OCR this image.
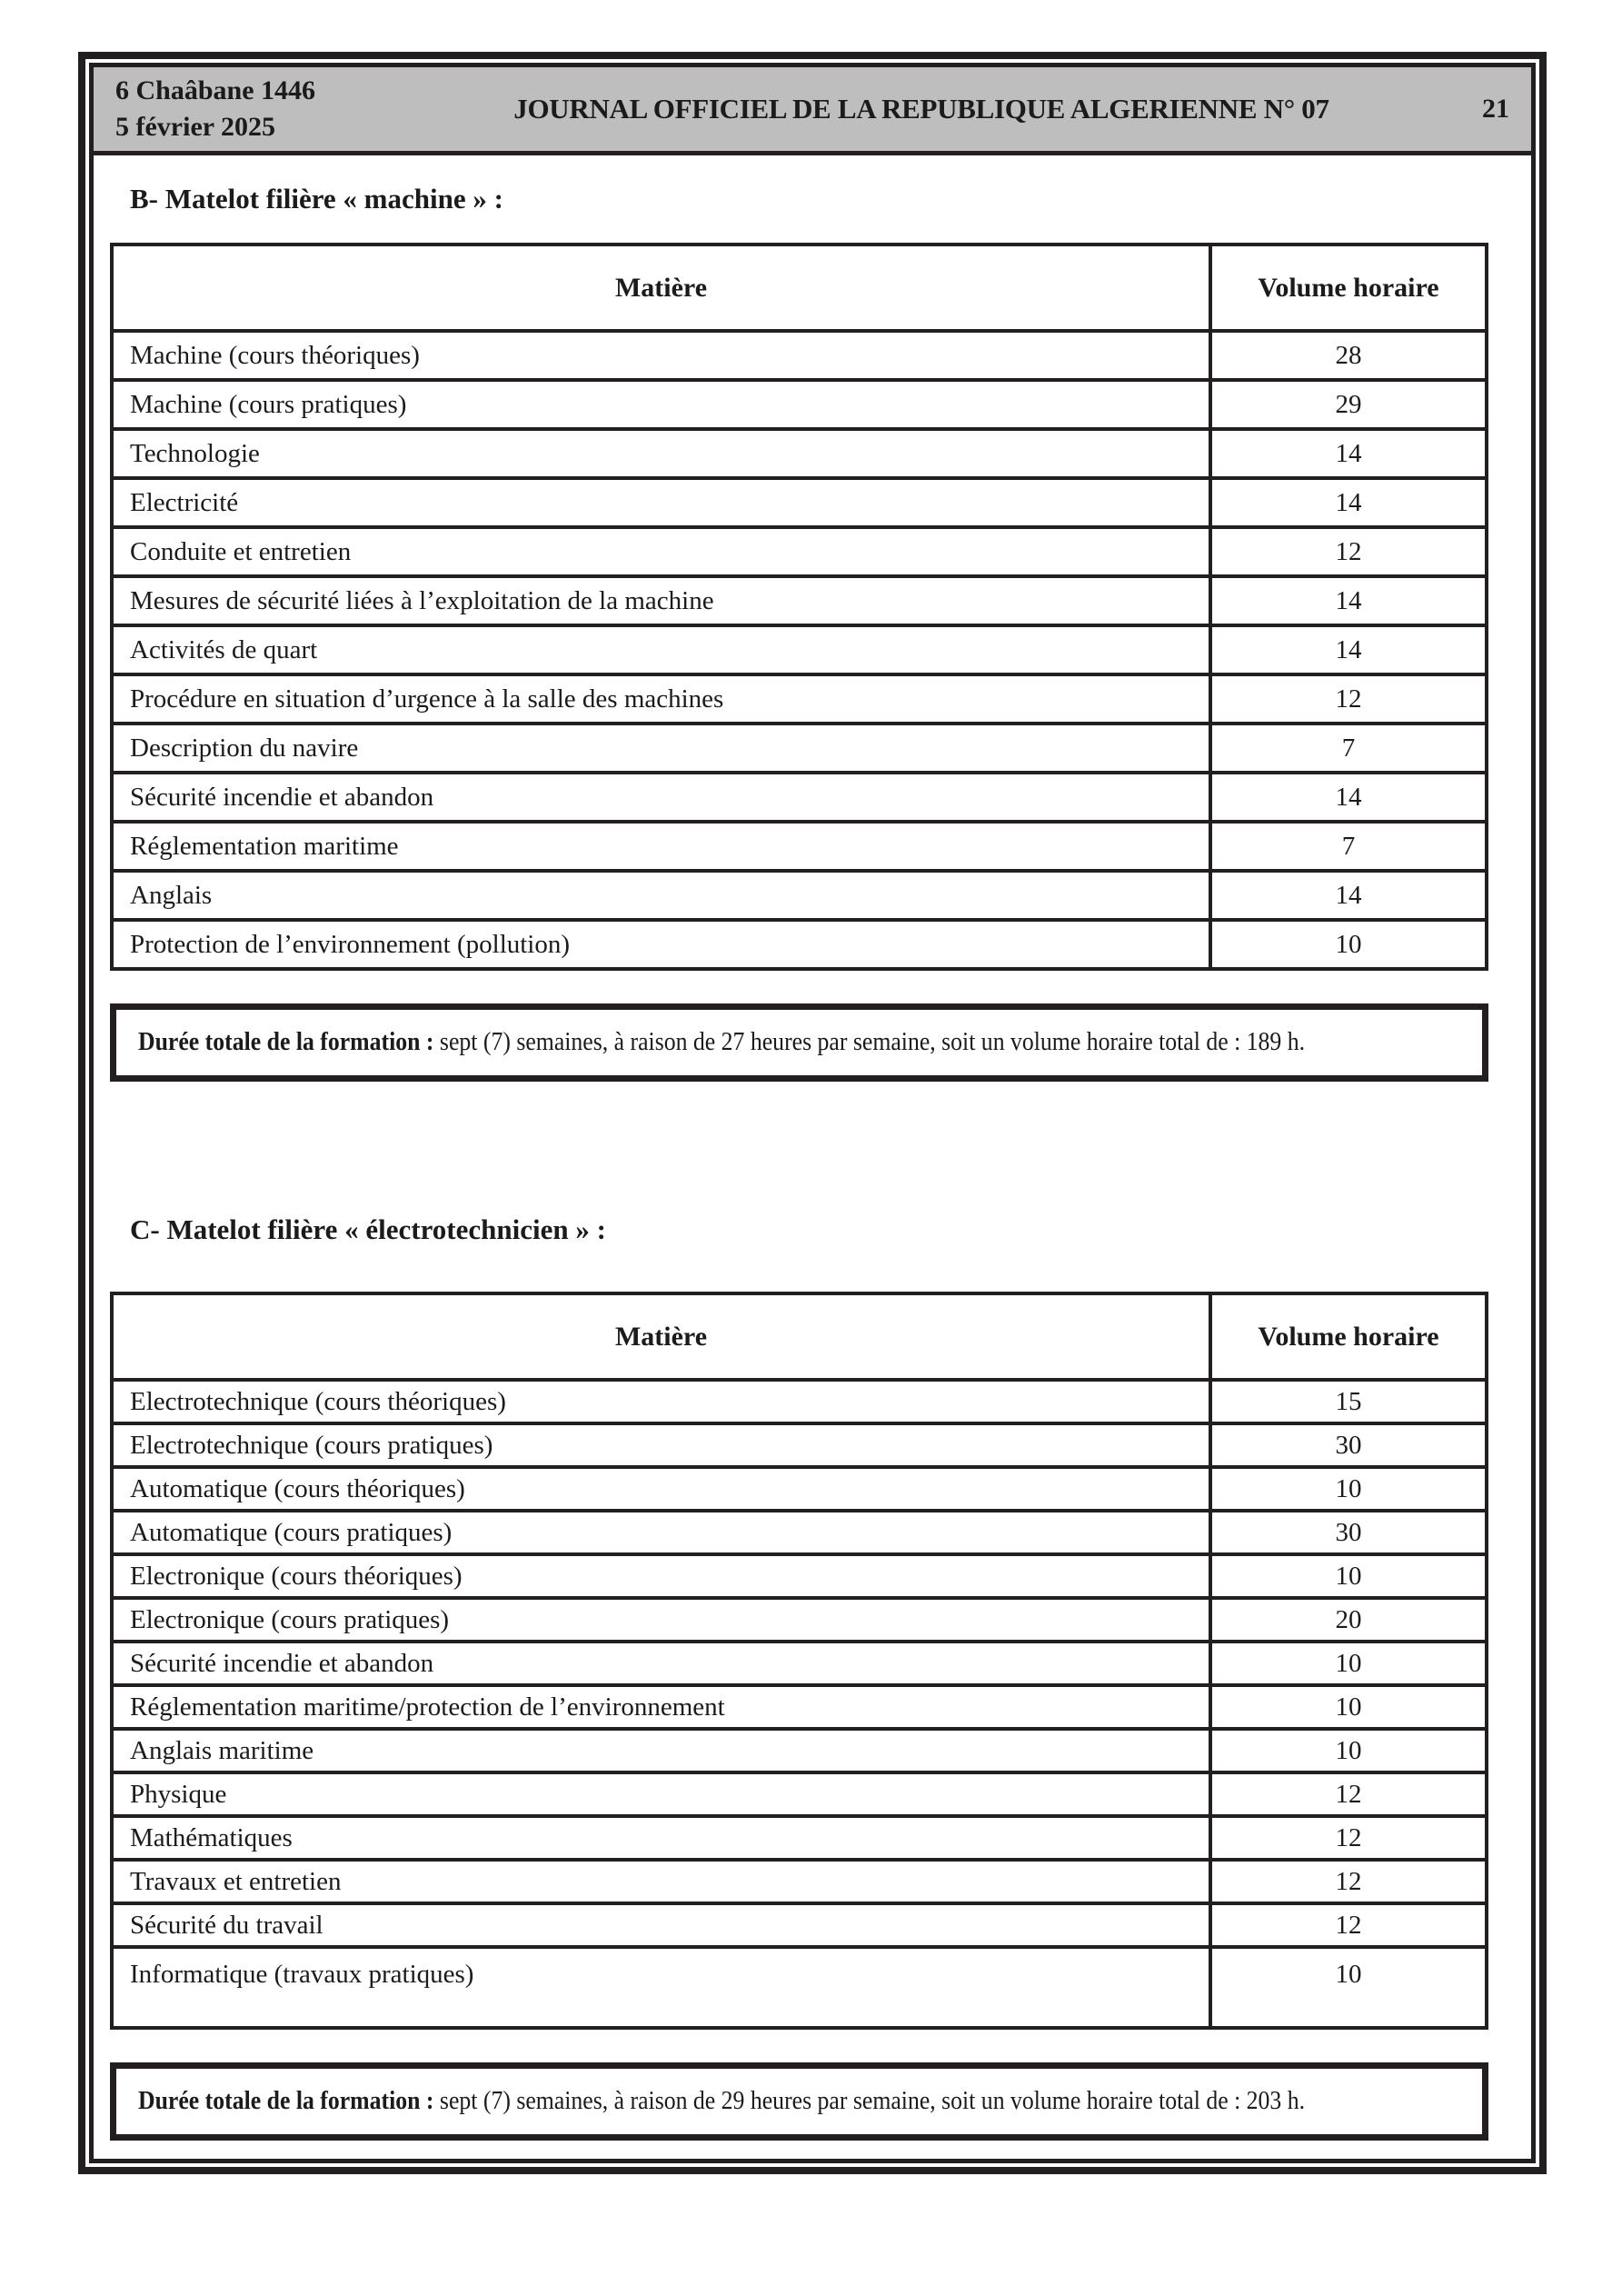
6 Chaâbane 1446
5 février 2025
JOURNAL OFFICIEL DE LA REPUBLIQUE ALGERIENNE N° 07	21
B- Matelot filière « machine » :
Matière	Volume horaire
Machine (cours théoriques)	28
Machine (cours pratiques)	29
Technologie	14
Electricité	14
Conduite et entretien	12
Mesures de sécurité liées à l’exploitation de la machine	14
Activités de quart	14
Procédure en situation d’urgence à la salle des machines	12
Description du navire	7
Sécurité incendie et abandon	14
Réglementation maritime	7
Anglais	14
Protection de l’environnement (pollution)	10
Durée totale de la formation : sept (7) semaines, à raison de 27 heures par semaine, soit un volume horaire total de : 189 h.
C- Matelot filière « électrotechnicien » :
Matière	Volume horaire
Electrotechnique (cours théoriques)	15
Electrotechnique (cours pratiques)	30
Automatique (cours théoriques)	10
Automatique (cours pratiques)	30
Electronique (cours théoriques)	10
Electronique (cours pratiques)	20
Sécurité incendie et abandon	10
Réglementation maritime/protection de l’environnement	10
Anglais maritime	10
Physique	12
Mathématiques	12
Travaux et entretien	12
Sécurité du travail	12
Informatique (travaux pratiques)	10
Durée totale de la formation : sept (7) semaines, à raison de 29 heures par semaine, soit un volume horaire total de : 203 h.
